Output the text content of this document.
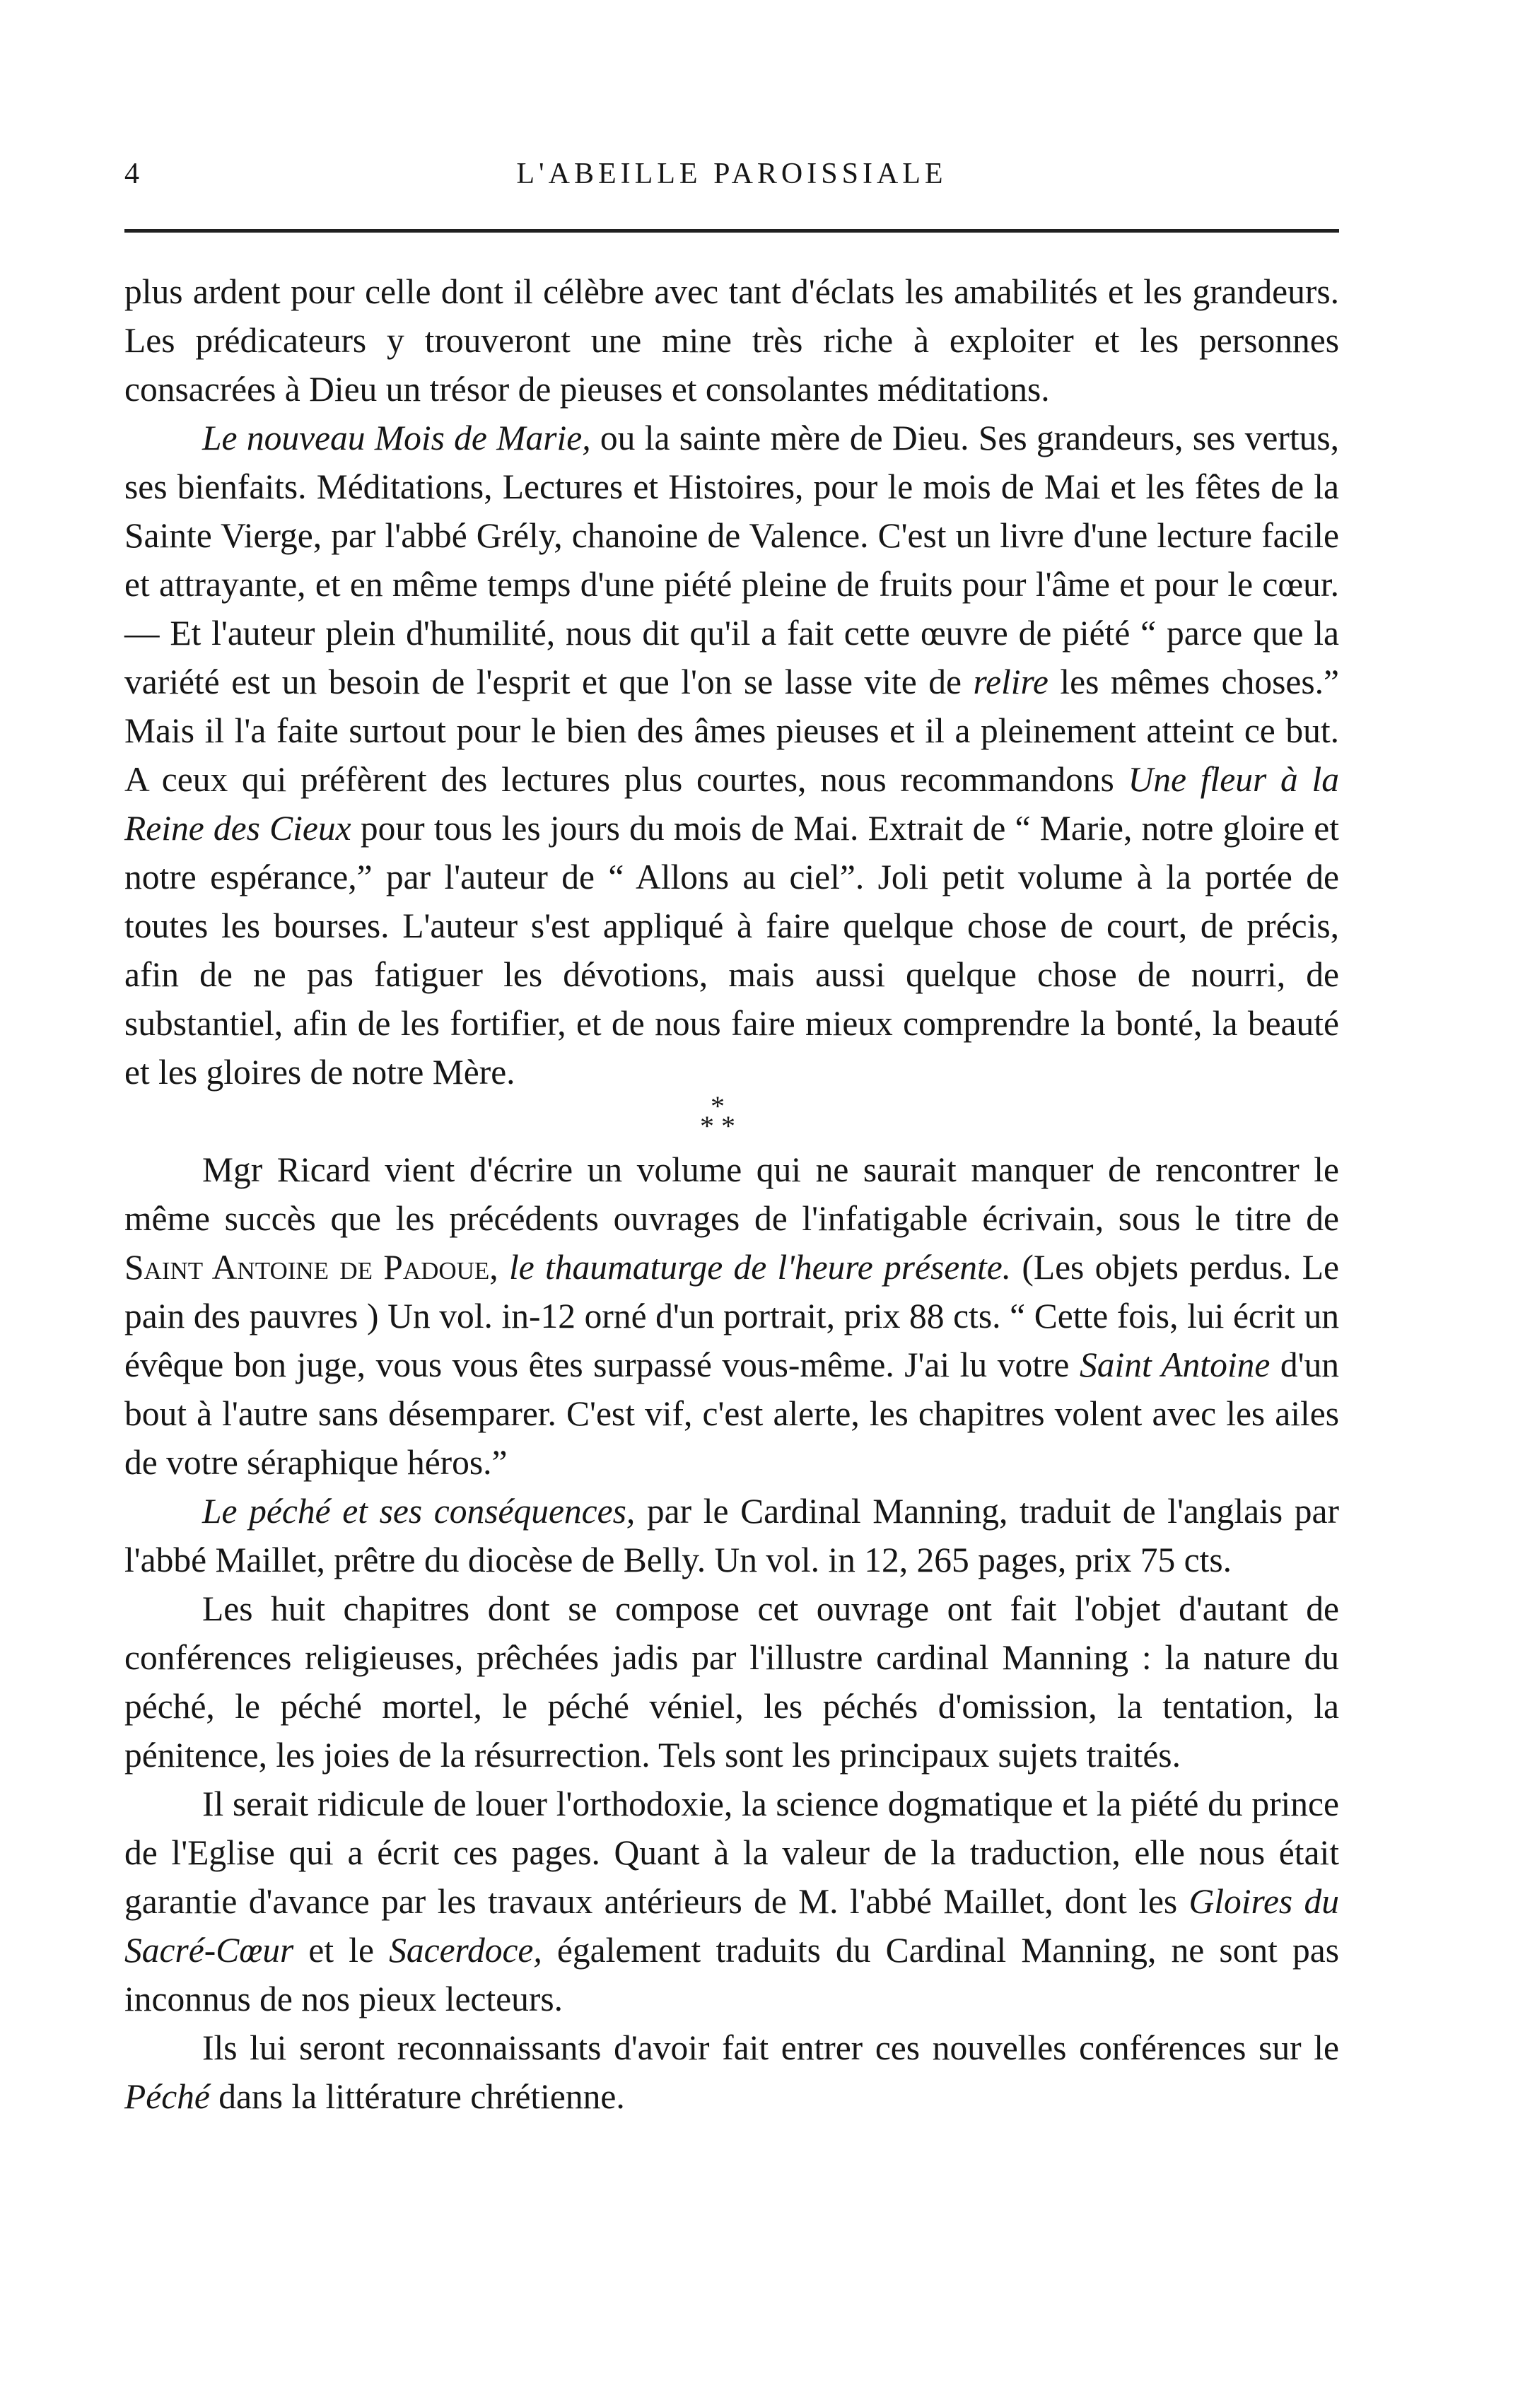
4	L'ABEILLE PAROISSIALE

plus ardent pour celle dont il célèbre avec tant d'éclats les amabilités et les grandeurs. Les prédicateurs y trouveront une mine très riche à exploiter et les personnes consacrées à Dieu un trésor de pieuses et consolantes méditations.

Le nouveau Mois de Marie, ou la sainte mère de Dieu. Ses grandeurs, ses vertus, ses bienfaits. Méditations, Lectures et Histoires, pour le mois de Mai et les fêtes de la Sainte Vierge, par l'abbé Grély, chanoine de Valence. C'est un livre d'une lecture facile et attrayante, et en même temps d'une piété pleine de fruits pour l'âme et pour le cœur. — Et l'auteur plein d'humilité, nous dit qu'il a fait cette œuvre de piété “ parce que la variété est un besoin de l'esprit et que l'on se lasse vite de relire les mêmes choses.” Mais il l'a faite surtout pour le bien des âmes pieuses et il a pleinement atteint ce but. A ceux qui préfèrent des lectures plus courtes, nous recommandons Une fleur à la Reine des Cieux pour tous les jours du mois de Mai. Extrait de “ Marie, notre gloire et notre espérance,” par l'auteur de “ Allons au ciel”. Joli petit volume à la portée de toutes les bourses. L'auteur s'est appliqué à faire quelque chose de court, de précis, afin de ne pas fatiguer les dévotions, mais aussi quelque chose de nourri, de substantiel, afin de les fortifier, et de nous faire mieux comprendre la bonté, la beauté et les gloires de notre Mère.

*
* *

Mgr Ricard vient d'écrire un volume qui ne saurait manquer de rencontrer le même succès que les précédents ouvrages de l'infatigable écrivain, sous le titre de Saint Antoine de Padoue, le thaumaturge de l'heure présente. (Les objets perdus. Le pain des pauvres ) Un vol. in-12 orné d'un portrait, prix 88 cts. “ Cette fois, lui écrit un évêque bon juge, vous vous êtes surpassé vous-même. J'ai lu votre Saint Antoine d'un bout à l'autre sans désemparer. C'est vif, c'est alerte, les chapitres volent avec les ailes de votre séraphique héros.”

Le péché et ses conséquences, par le Cardinal Manning, traduit de l'anglais par l'abbé Maillet, prêtre du diocèse de Belly. Un vol. in 12, 265 pages, prix 75 cts.

Les huit chapitres dont se compose cet ouvrage ont fait l'objet d'autant de conférences religieuses, prêchées jadis par l'illustre cardinal Manning : la nature du péché, le péché mortel, le péché véniel, les péchés d'omission, la tentation, la pénitence, les joies de la résurrection. Tels sont les principaux sujets traités.

Il serait ridicule de louer l'orthodoxie, la science dogmatique et la piété du prince de l'Eglise qui a écrit ces pages. Quant à la valeur de la traduction, elle nous était garantie d'avance par les travaux antérieurs de M. l'abbé Maillet, dont les Gloires du Sacré-Cœur et le Sacerdoce, également traduits du Cardinal Manning, ne sont pas inconnus de nos pieux lecteurs.

Ils lui seront reconnaissants d'avoir fait entrer ces nouvelles conférences sur le Péché dans la littérature chrétienne.
